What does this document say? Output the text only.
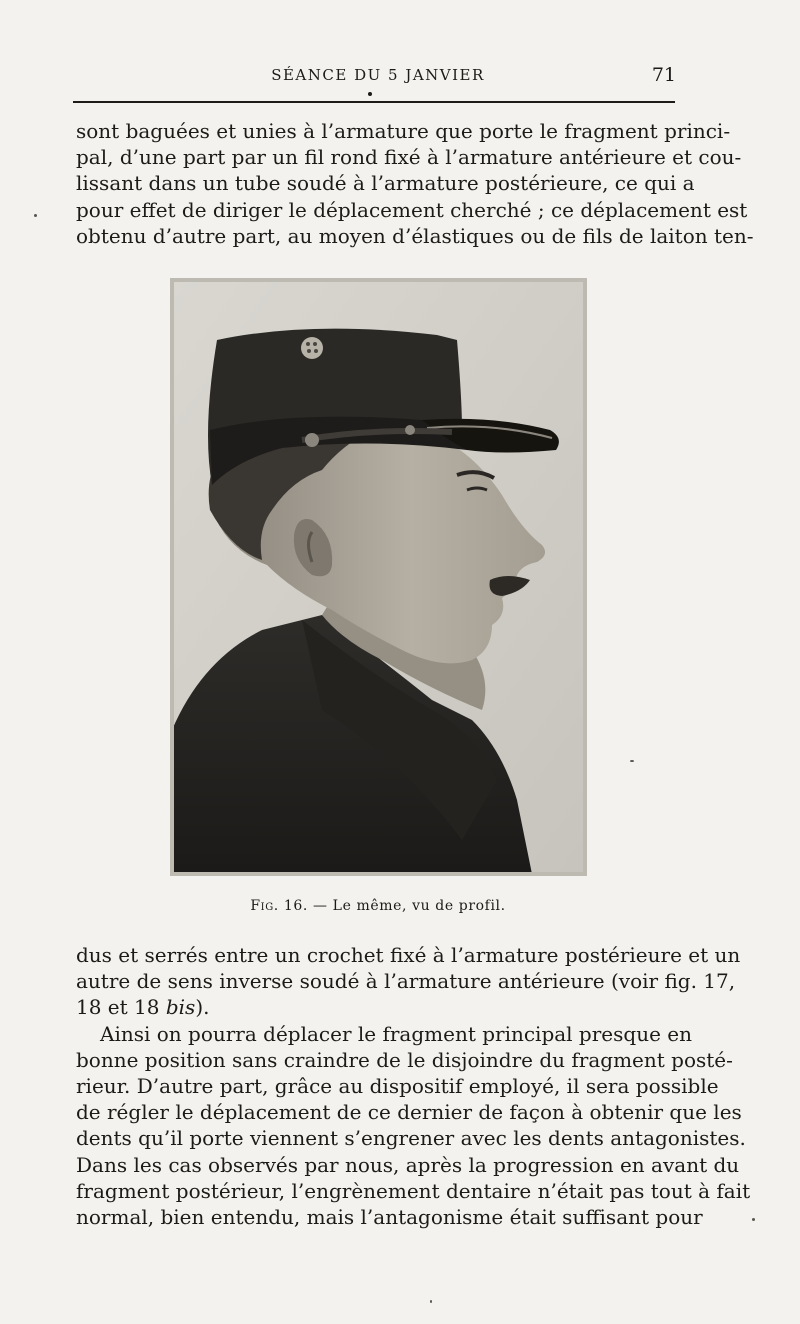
SÉANCE DU 5 JANVIER	71
sont baguées et unies à l’armature que porte le fragment princi-
pal, d’une part par un fil rond fixé à l’armature antérieure et cou-
lissant dans un tube soudé à l’armature postérieure, ce qui a
pour effet de diriger le déplacement cherché ; ce déplacement est
obtenu d’autre part, au moyen d’élastiques ou de fils de laiton ten-
Fig. 16. — Le même, vu de profil.
dus et serrés entre un crochet fixé à l’armature postérieure et un
autre de sens inverse soudé à l’armature antérieure (voir fig. 17,
18 et 18 bis).
Ainsi on pourra déplacer le fragment principal presque en
bonne position sans craindre de le disjoindre du fragment posté-
rieur. D’autre part, grâce au dispositif employé, il sera possible
de régler le déplacement de ce dernier de façon à obtenir que les
dents qu’il porte viennent s’engrener avec les dents antagonistes.
Dans les cas observés par nous, après la progression en avant du
fragment postérieur, l’engrènement dentaire n’était pas tout à fait
normal, bien entendu, mais l’antagonisme était suffisant pour
